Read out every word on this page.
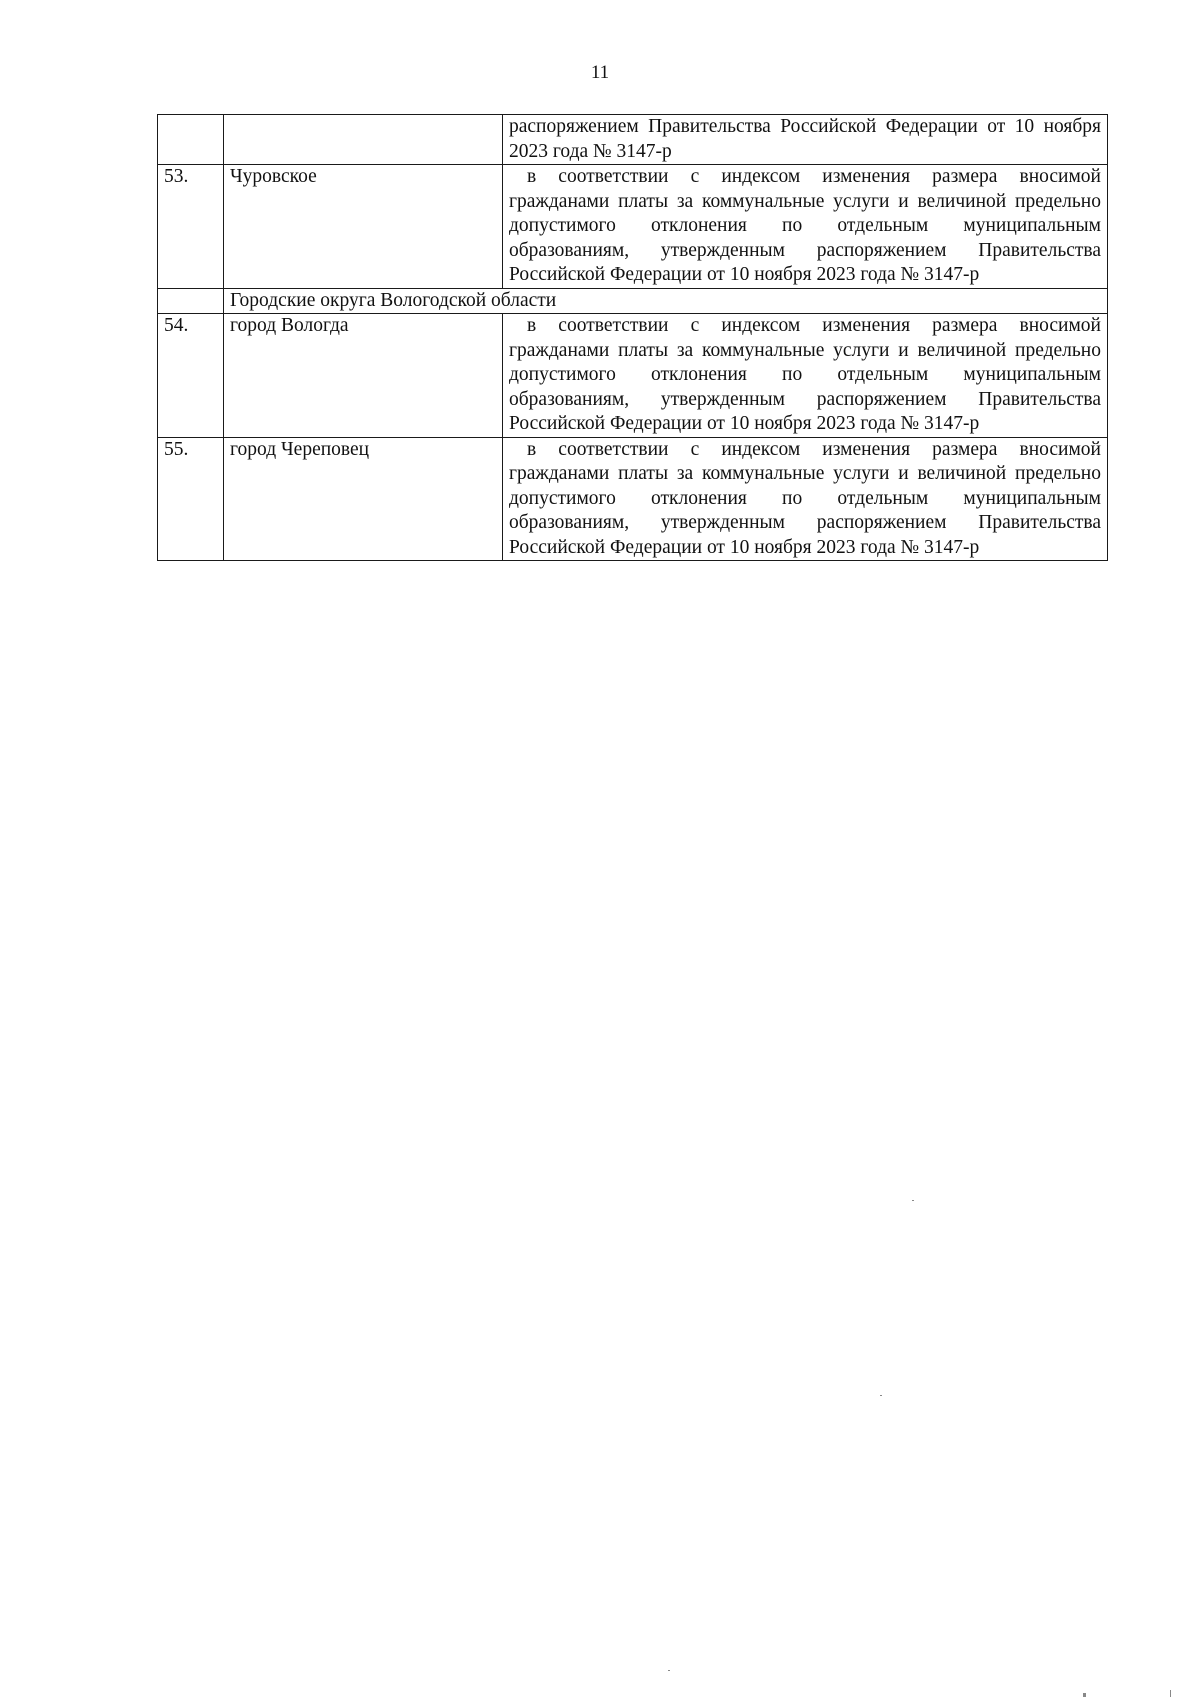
11
		распоряжением Правительства Российской Федерации от 10 ноября 2023 года № 3147-р
53.	Чуровское	в соответствии с индексом изменения размера вносимой гражданами платы за коммунальные услуги и величиной предельно допустимого отклонения по отдельным муниципальным образованиям, утвержденным распоряжением Правительства Российской Федерации от 10 ноября 2023 года № 3147-р
	Городские округа Вологодской области	
54.	город Вологда	в соответствии с индексом изменения размера вносимой гражданами платы за коммунальные услуги и величиной предельно допустимого отклонения по отдельным муниципальным образованиям, утвержденным распоряжением Правительства Российской Федерации от 10 ноября 2023 года № 3147-р
55.	город Череповец	в соответствии с индексом изменения размера вносимой гражданами платы за коммунальные услуги и величиной предельно допустимого отклонения по отдельным муниципальным образованиям, утвержденным распоряжением Правительства Российской Федерации от 10 ноября 2023 года № 3147-р
